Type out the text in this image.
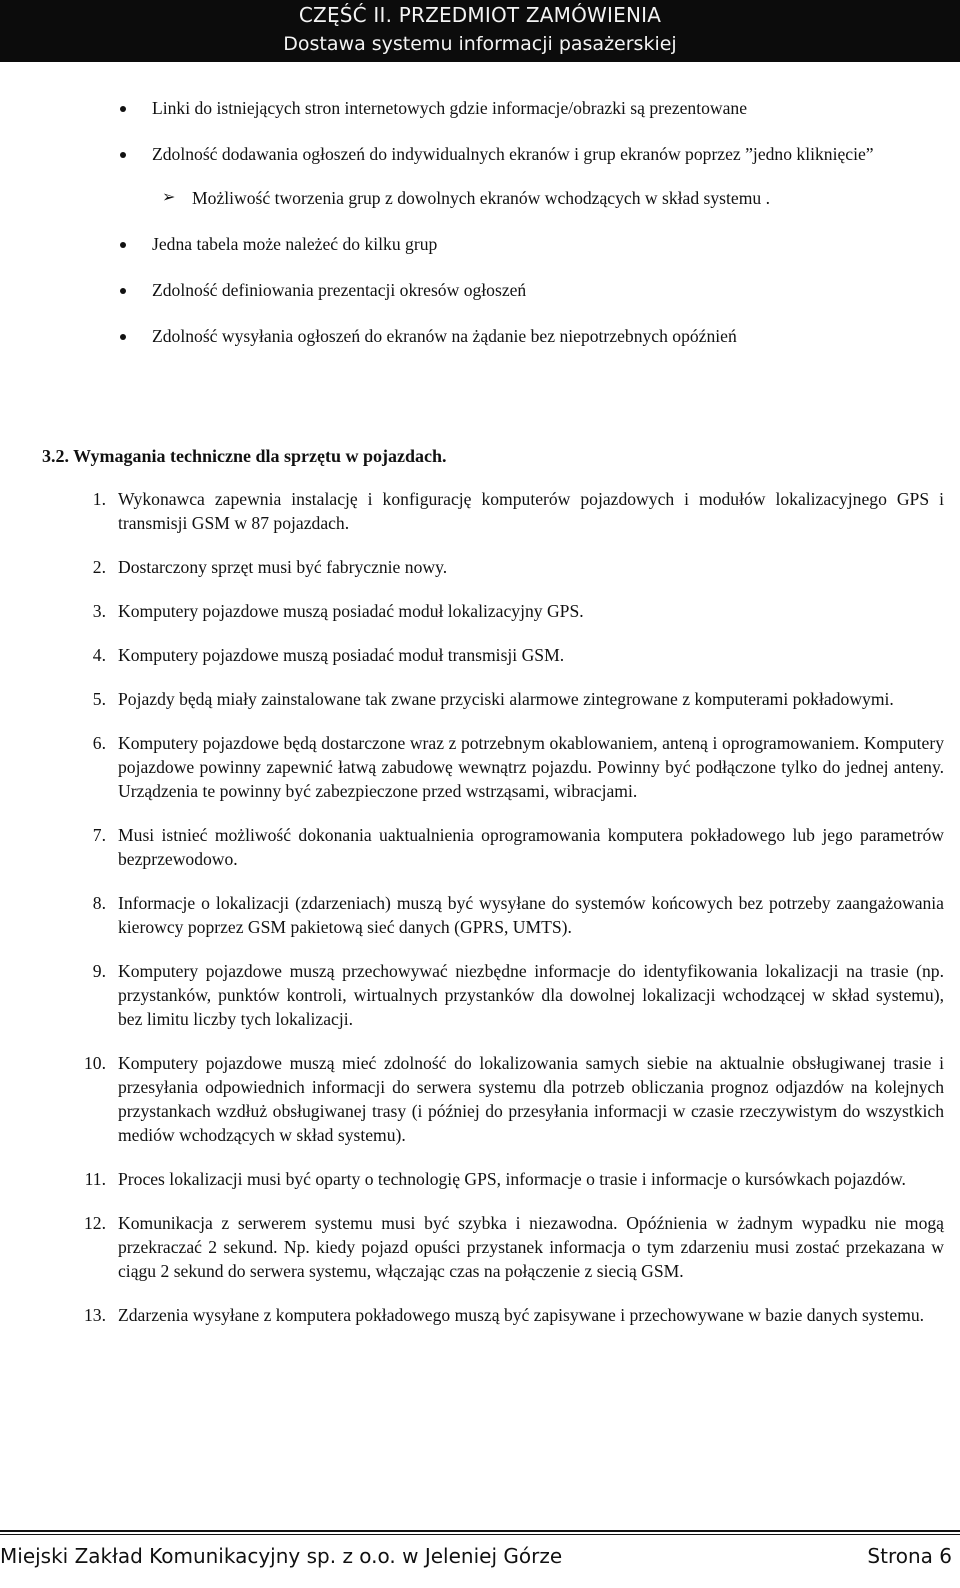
CZĘŚĆ II. PRZEDMIOT ZAMÓWIENIA
Dostawa systemu informacji pasażerskiej
Linki do istniejących stron internetowych gdzie informacje/obrazki są prezentowane
Zdolność dodawania ogłoszeń do indywidualnych ekranów i grup ekranów poprzez ”jedno kliknięcie”
➢ Możliwość tworzenia grup z dowolnych ekranów wchodzących w skład systemu .
Jedna tabela może należeć do kilku grup
Zdolność definiowania prezentacji okresów ogłoszeń
Zdolność wysyłania ogłoszeń do ekranów na żądanie bez niepotrzebnych opóźnień
3.2. Wymagania techniczne dla sprzętu w pojazdach.
1. Wykonawca zapewnia instalację i konfigurację komputerów pojazdowych i modułów lokalizacyjnego GPS i transmisji GSM w 87 pojazdach.
2. Dostarczony sprzęt musi być fabrycznie nowy.
3. Komputery pojazdowe muszą posiadać moduł lokalizacyjny GPS.
4. Komputery pojazdowe muszą posiadać moduł transmisji GSM.
5. Pojazdy będą miały zainstalowane tak zwane przyciski alarmowe zintegrowane z komputerami pokładowymi.
6. Komputery pojazdowe będą dostarczone wraz z potrzebnym okablowaniem, anteną i oprogramowaniem. Komputery pojazdowe powinny zapewnić łatwą zabudowę wewnątrz pojazdu. Powinny być podłączone tylko do jednej anteny. Urządzenia te powinny być zabezpieczone przed wstrząsami, wibracjami.
7. Musi istnieć możliwość dokonania uaktualnienia oprogramowania komputera pokładowego lub jego parametrów bezprzewodowo.
8. Informacje o lokalizacji (zdarzeniach) muszą być wysyłane do systemów końcowych bez potrzeby zaangażowania kierowcy poprzez GSM pakietową sieć danych (GPRS, UMTS).
9. Komputery pojazdowe muszą przechowywać niezbędne informacje do identyfikowania lokalizacji na trasie (np. przystanków, punktów kontroli, wirtualnych przystanków dla dowolnej lokalizacji wchodzącej w skład systemu), bez limitu liczby tych lokalizacji.
10. Komputery pojazdowe muszą mieć zdolność do lokalizowania samych siebie na aktualnie obsługiwanej trasie i przesyłania odpowiednich informacji do serwera systemu dla potrzeb obliczania prognoz odjazdów na kolejnych przystankach wzdłuż obsługiwanej trasy (i później do przesyłania informacji w czasie rzeczywistym do wszystkich mediów wchodzących w skład systemu).
11. Proces lokalizacji musi być oparty o technologię GPS, informacje o trasie i informacje o kursówkach pojazdów.
12. Komunikacja z serwerem systemu musi być szybka i niezawodna. Opóźnienia w żadnym wypadku nie mogą przekraczać 2 sekund. Np. kiedy pojazd opuści przystanek informacja o tym zdarzeniu musi zostać przekazana w ciągu 2 sekund do serwera systemu, włączając czas na połączenie z siecią GSM.
13. Zdarzenia wysyłane z komputera pokładowego muszą być zapisywane i przechowywane w bazie danych systemu.
Miejski Zakład Komunikacyjny sp. z o.o. w Jeleniej Górze	Strona 6
